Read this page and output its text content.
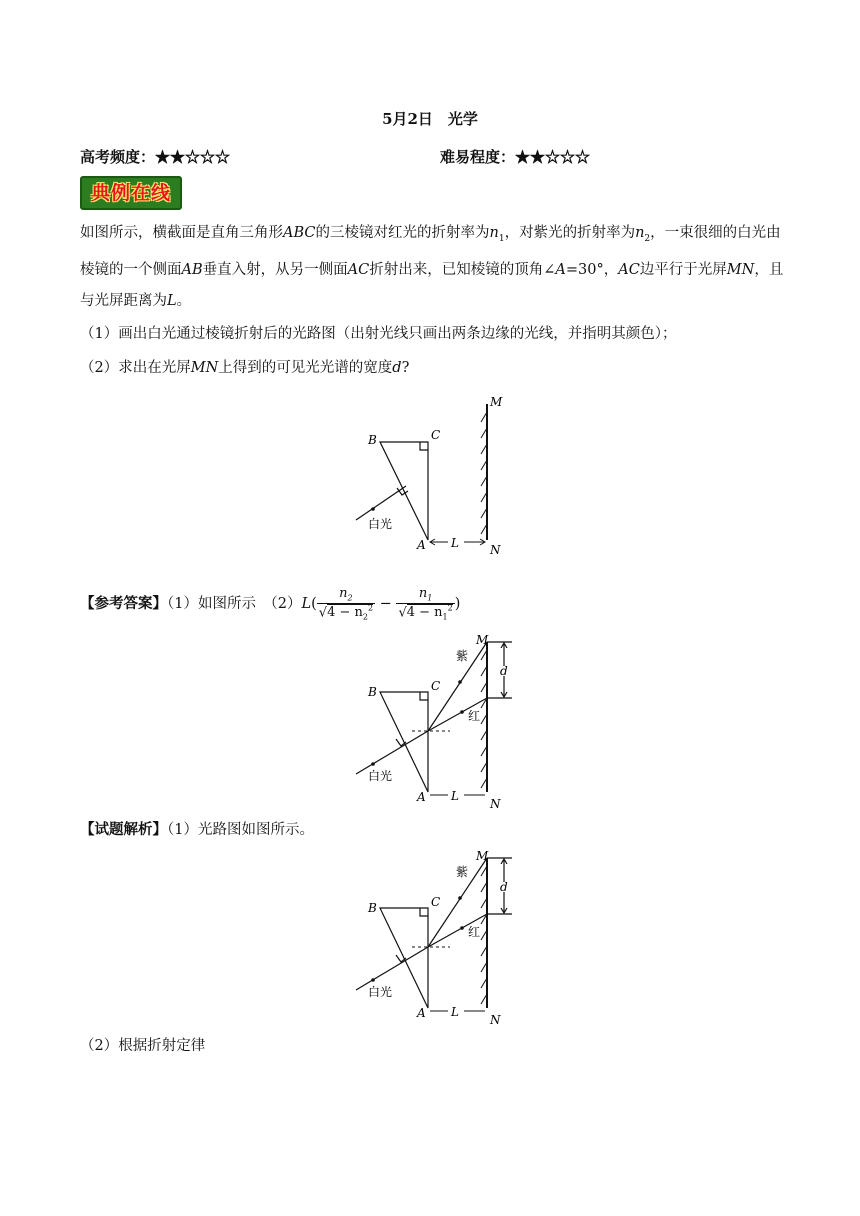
5月2日　光学
高考频度：★★☆☆☆	难易程度：★★☆☆☆
典例在线
如图所示，横截面是直角三角形ABC的三棱镜对红光的折射率为$n_1$，对紫光的折射率为$n_2$，一束很细的白光由棱镜的一个侧面AB垂直入射，从另一侧面AC折射出来，已知棱镜的顶角∠A=30°，AC边平行于光屏MN，且与光屏距离为L。
（1）画出白光通过棱镜折射后的光路图（出射光线只画出两条边缘的光线，并指明其颜色）；
（2）求出在光屏MN上得到的可见光光谱的宽度d?
B	C
A
M
N
L
白光
【参考答案】（1）如图所示　$(2)L( \frac{n_2}{√4 - n_2^2} - \frac{n_1}{√4 - n_1^2}$ )
B	C
A
M
N
L
d
紫
红
白光
【试题解析】（1）光路图如图所示。
B	C
A
M
N
L
d
紫
红
白光
（2）根据折射定律
